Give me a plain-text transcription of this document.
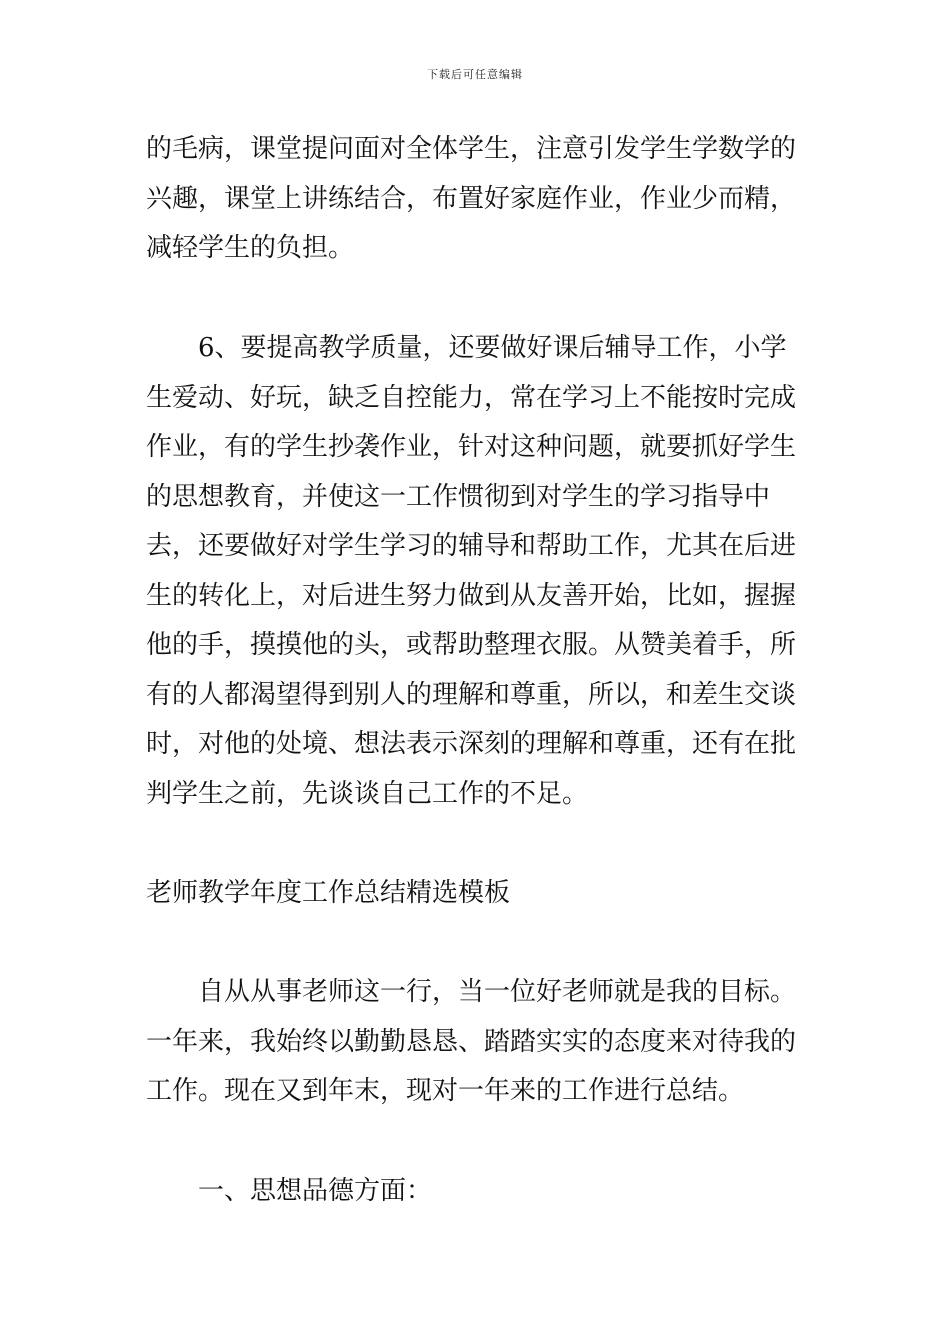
下载后可任意编辑

的毛病，课堂提问面对全体学生，注意引发学生学数学的兴趣，课堂上讲练结合，布置好家庭作业，作业少而精，减轻学生的负担。

6、要提高教学质量，还要做好课后辅导工作，小学生爱动、好玩，缺乏自控能力，常在学习上不能按时完成作业，有的学生抄袭作业，针对这种问题，就要抓好学生的思想教育，并使这一工作惯彻到对学生的学习指导中去，还要做好对学生学习的辅导和帮助工作，尤其在后进生的转化上，对后进生努力做到从友善开始，比如，握握他的手，摸摸他的头，或帮助整理衣服。从赞美着手，所有的人都渴望得到别人的理解和尊重，所以，和差生交谈时，对他的处境、想法表示深刻的理解和尊重，还有在批判学生之前，先谈谈自己工作的不足。

老师教学年度工作总结精选模板

自从从事老师这一行，当一位好老师就是我的目标。一年来，我始终以勤勤恳恳、踏踏实实的态度来对待我的工作。现在又到年末，现对一年来的工作进行总结。

一、思想品德方面：
